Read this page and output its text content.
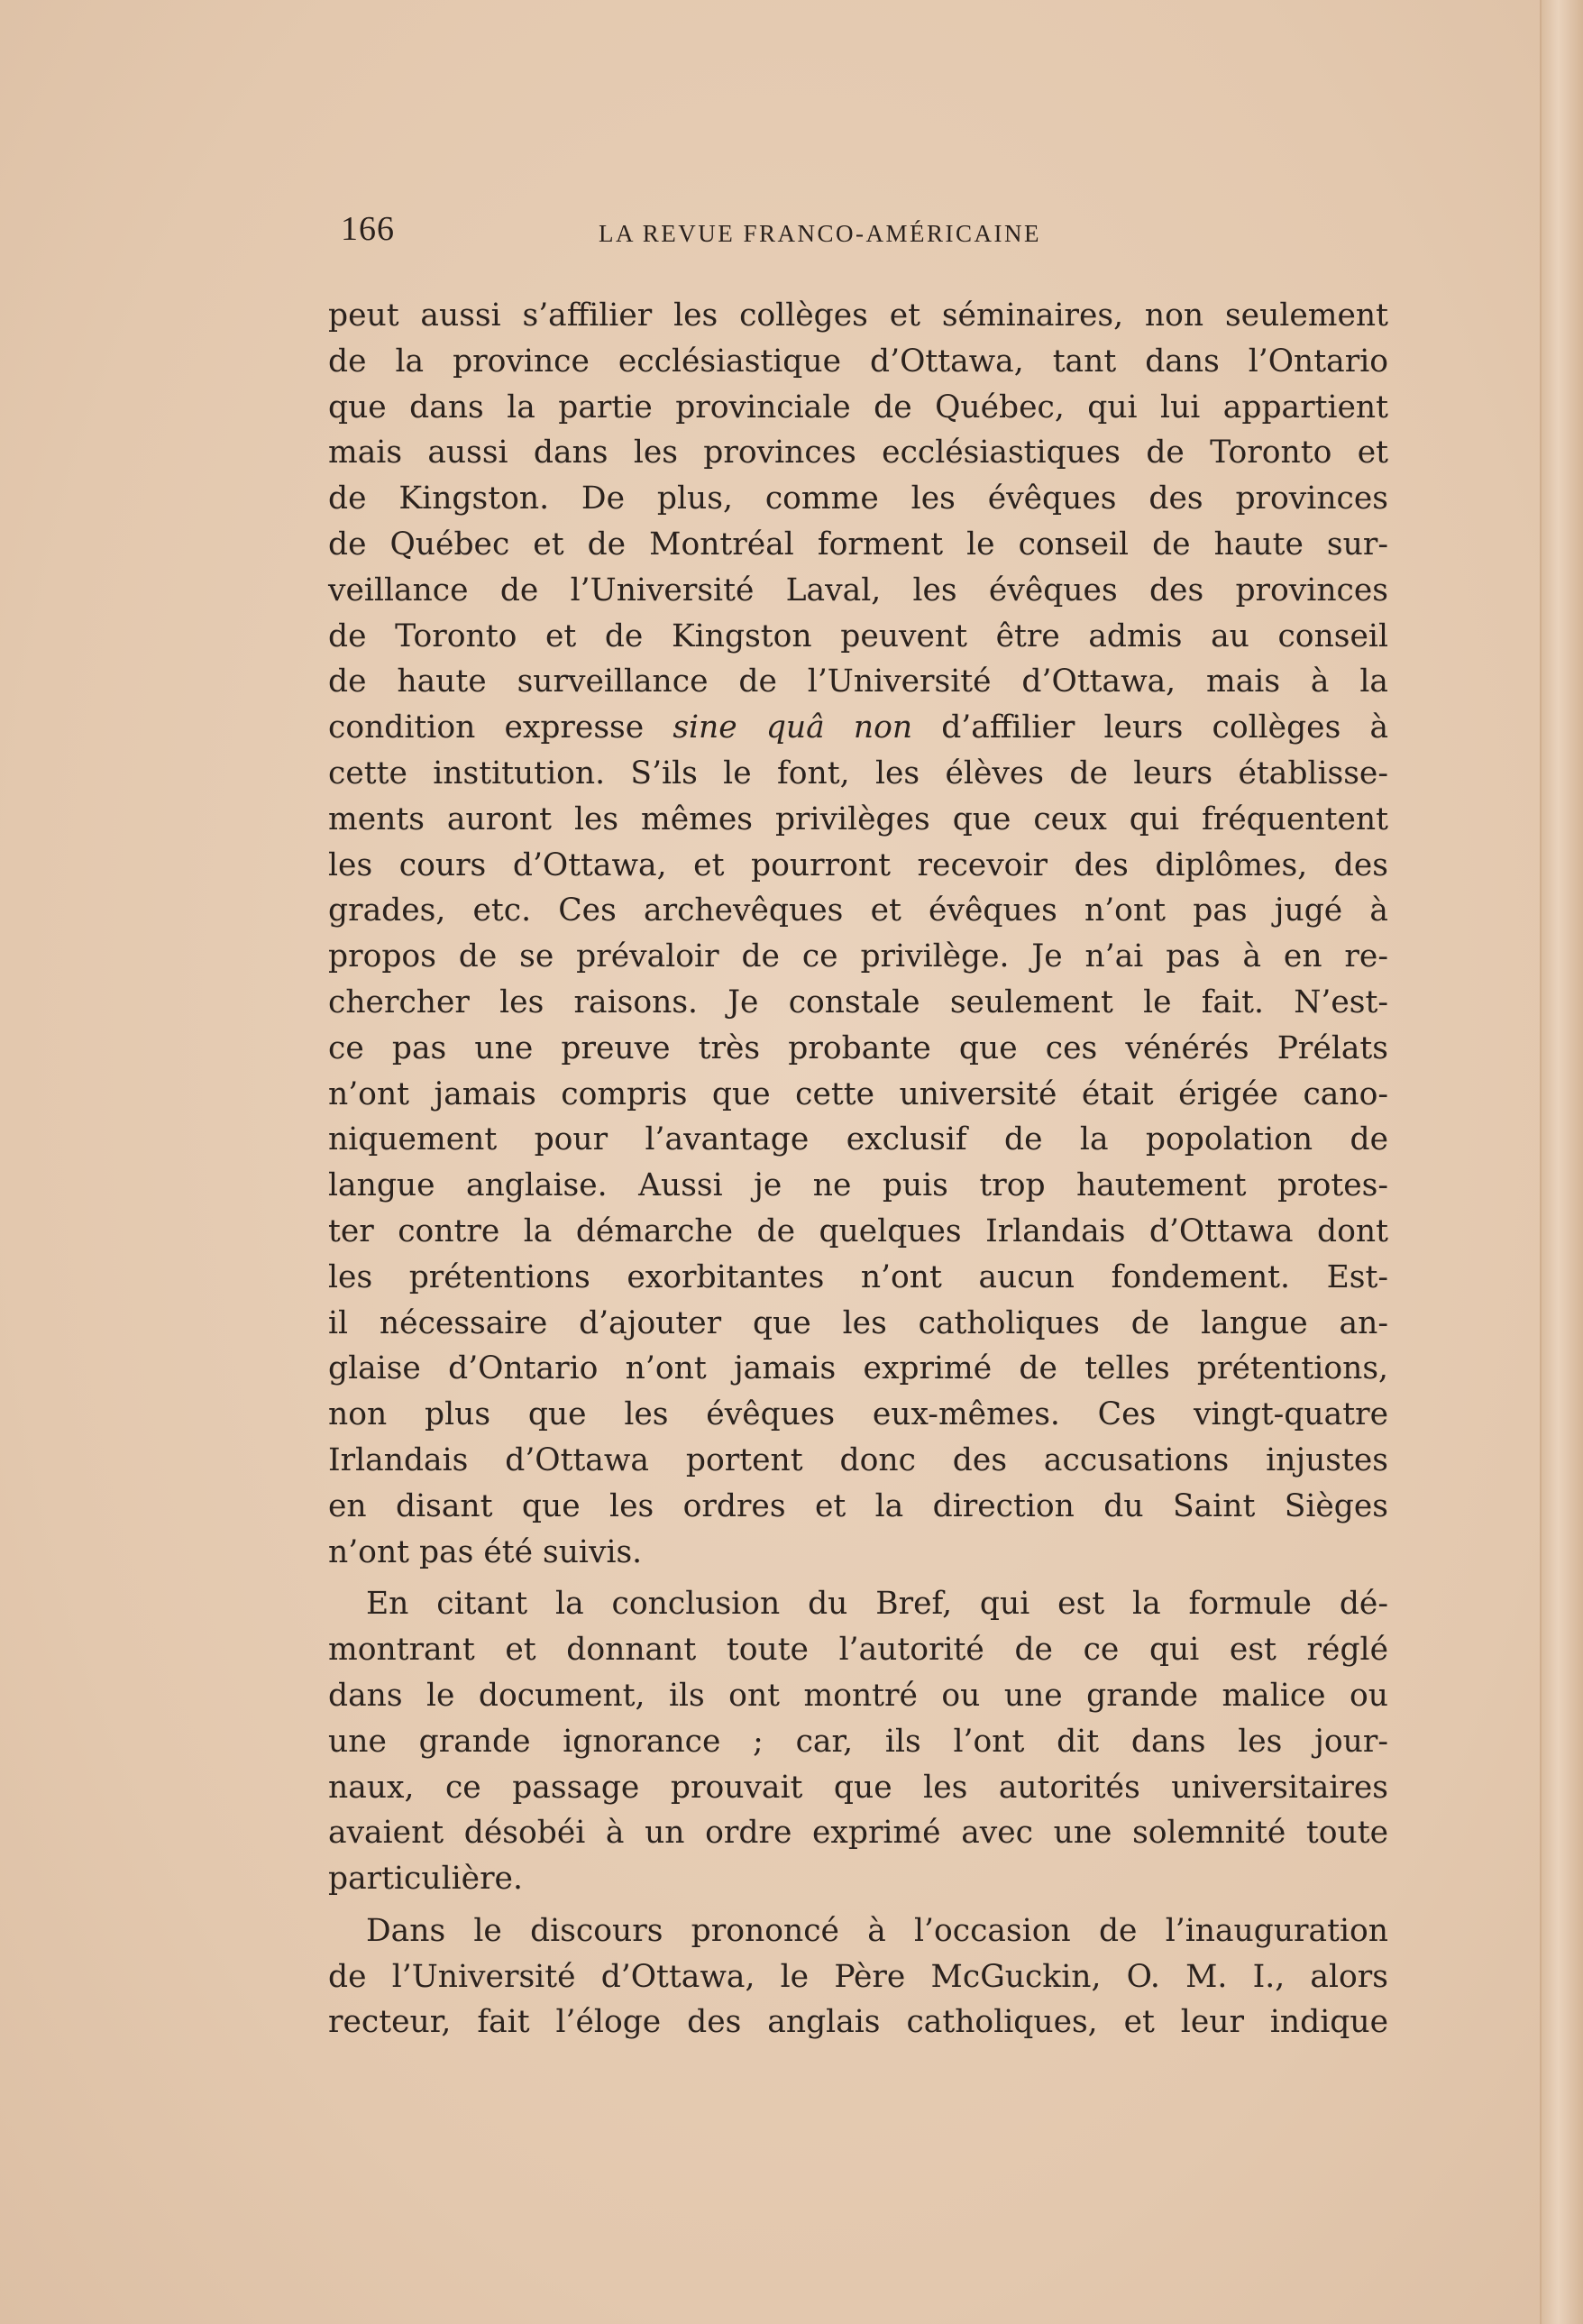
166	LA REVUE FRANCO-AMÉRICAINE
peut aussi s’affilier les collèges et séminaires, non seulement
de la province ecclésiastique d’Ottawa, tant dans l’Ontario
que dans la partie provinciale de Québec, qui lui appartient
mais aussi dans les provinces ecclésiastiques de Toronto et
de Kingston. De plus, comme les évêques des provinces
de Québec et de Montréal forment le conseil de haute sur-
veillance de l’Université Laval, les évêques des provinces
de Toronto et de Kingston peuvent être admis au conseil
de haute surveillance de l’Université d’Ottawa, mais à la
condition expresse sine quâ non d’affilier leurs collèges à
cette institution. S’ils le font, les élèves de leurs établisse-
ments auront les mêmes privilèges que ceux qui fréquentent
les cours d’Ottawa, et pourront recevoir des diplômes, des
grades, etc. Ces archevêques et évêques n’ont pas jugé à
propos de se prévaloir de ce privilège. Je n’ai pas à en re-
chercher les raisons. Je constale seulement le fait. N’est-
ce pas une preuve très probante que ces vénérés Prélats
n’ont jamais compris que cette université était érigée cano-
niquement pour l’avantage exclusif de la popolation de
langue anglaise. Aussi je ne puis trop hautement protes-
ter contre la démarche de quelques Irlandais d’Ottawa dont
les prétentions exorbitantes n’ont aucun fondement. Est-
il nécessaire d’ajouter que les catholiques de langue an-
glaise d’Ontario n’ont jamais exprimé de telles prétentions,
non plus que les évêques eux-mêmes. Ces vingt-quatre
Irlandais d’Ottawa portent donc des accusations injustes
en disant que les ordres et la direction du Saint Sièges
n’ont pas été suivis.
En citant la conclusion du Bref, qui est la formule dé-
montrant et donnant toute l’autorité de ce qui est réglé
dans le document, ils ont montré ou une grande malice ou
une grande ignorance ; car, ils l’ont dit dans les jour-
naux, ce passage prouvait que les autorités universitaires
avaient désobéi à un ordre exprimé avec une solemnité toute
particulière.
Dans le discours prononcé à l’occasion de l’inauguration
de l’Université d’Ottawa, le Père McGuckin, O. M. I., alors
recteur, fait l’éloge des anglais catholiques, et leur indique
